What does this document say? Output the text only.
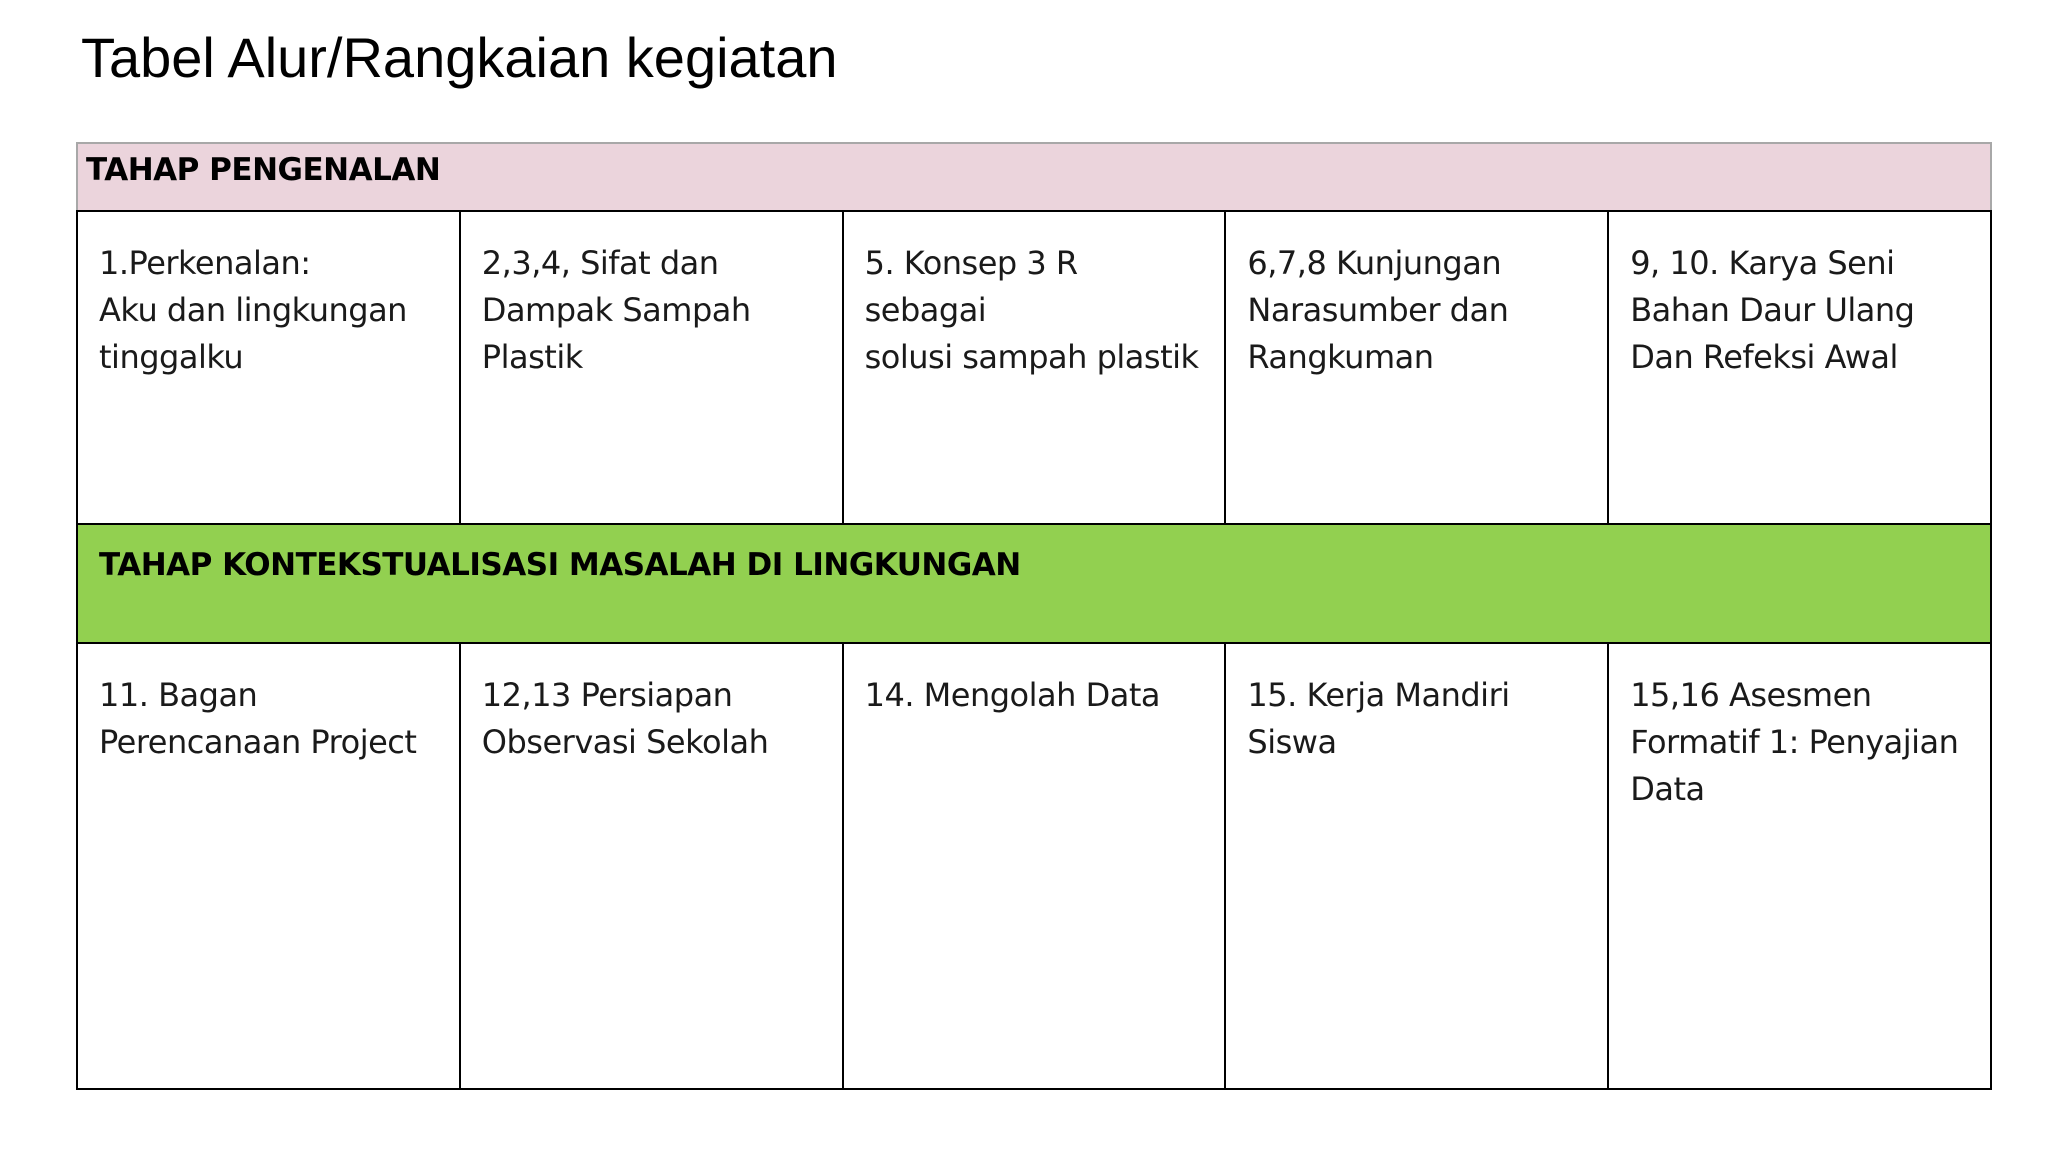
Tabel Alur/Rangkaian kegiatan
TAHAP PENGENALAN				

1.Perkenalan:
Aku dan lingkungan
tinggalku	2,3,4, Sifat dan
Dampak Sampah
Plastik	5. Konsep 3 R sebagai
solusi sampah plastik	6,7,8 Kunjungan
Narasumber dan
Rangkuman	9, 10. Karya Seni
Bahan Daur Ulang
Dan Refeksi Awal

TAHAP KONTEKSTUALISASI MASALAH DI LINGKUNGAN				

11. Bagan
Perencanaan Project	12,13 Persiapan
Observasi Sekolah	14. Mengolah Data	15. Kerja Mandiri
Siswa	15,16 Asesmen
Formatif 1: Penyajian
Data
